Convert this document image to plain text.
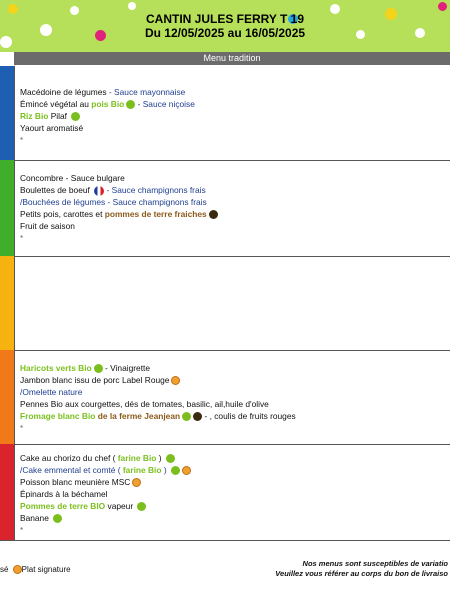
CANTIN JULES FERRY T 19
Du 12/05/2025 au 16/05/2025
Menu tradition
Macédoine de légumes - Sauce mayonnaise
Émincé végétal au pois Bio - Sauce niçoise
Riz Bio Pilaf
Yaourt aromatisé
*
Concombre - Sauce bulgare
Boulettes de boeuf  - Sauce champignons frais
/Bouchées de légumes - Sauce champignons frais
Petits pois, carottes et pommes de terre fraiches
Fruit de saison
*
Haricots verts Bio - Vinaigrette
Jambon blanc issu de porc Label Rouge
/Omelette nature
Pennes Bio aux courgettes, dés de tomates, basilic, ail,huile d'olive
Fromage blanc Bio de la ferme Jeanjean	- , coulis de fruits rouges
*
Cake au chorizo du chef ( farine Bio )
/Cake emmental et comté ( farine Bio )
Poisson blanc meunière MSC
Épinards à la béchamel
Pommes de terre BIO vapeur
Banane
*
sé Plat signature
Nos menus sont susceptibles de variatio
Veuillez vous référer au corps du bon de livraiso
